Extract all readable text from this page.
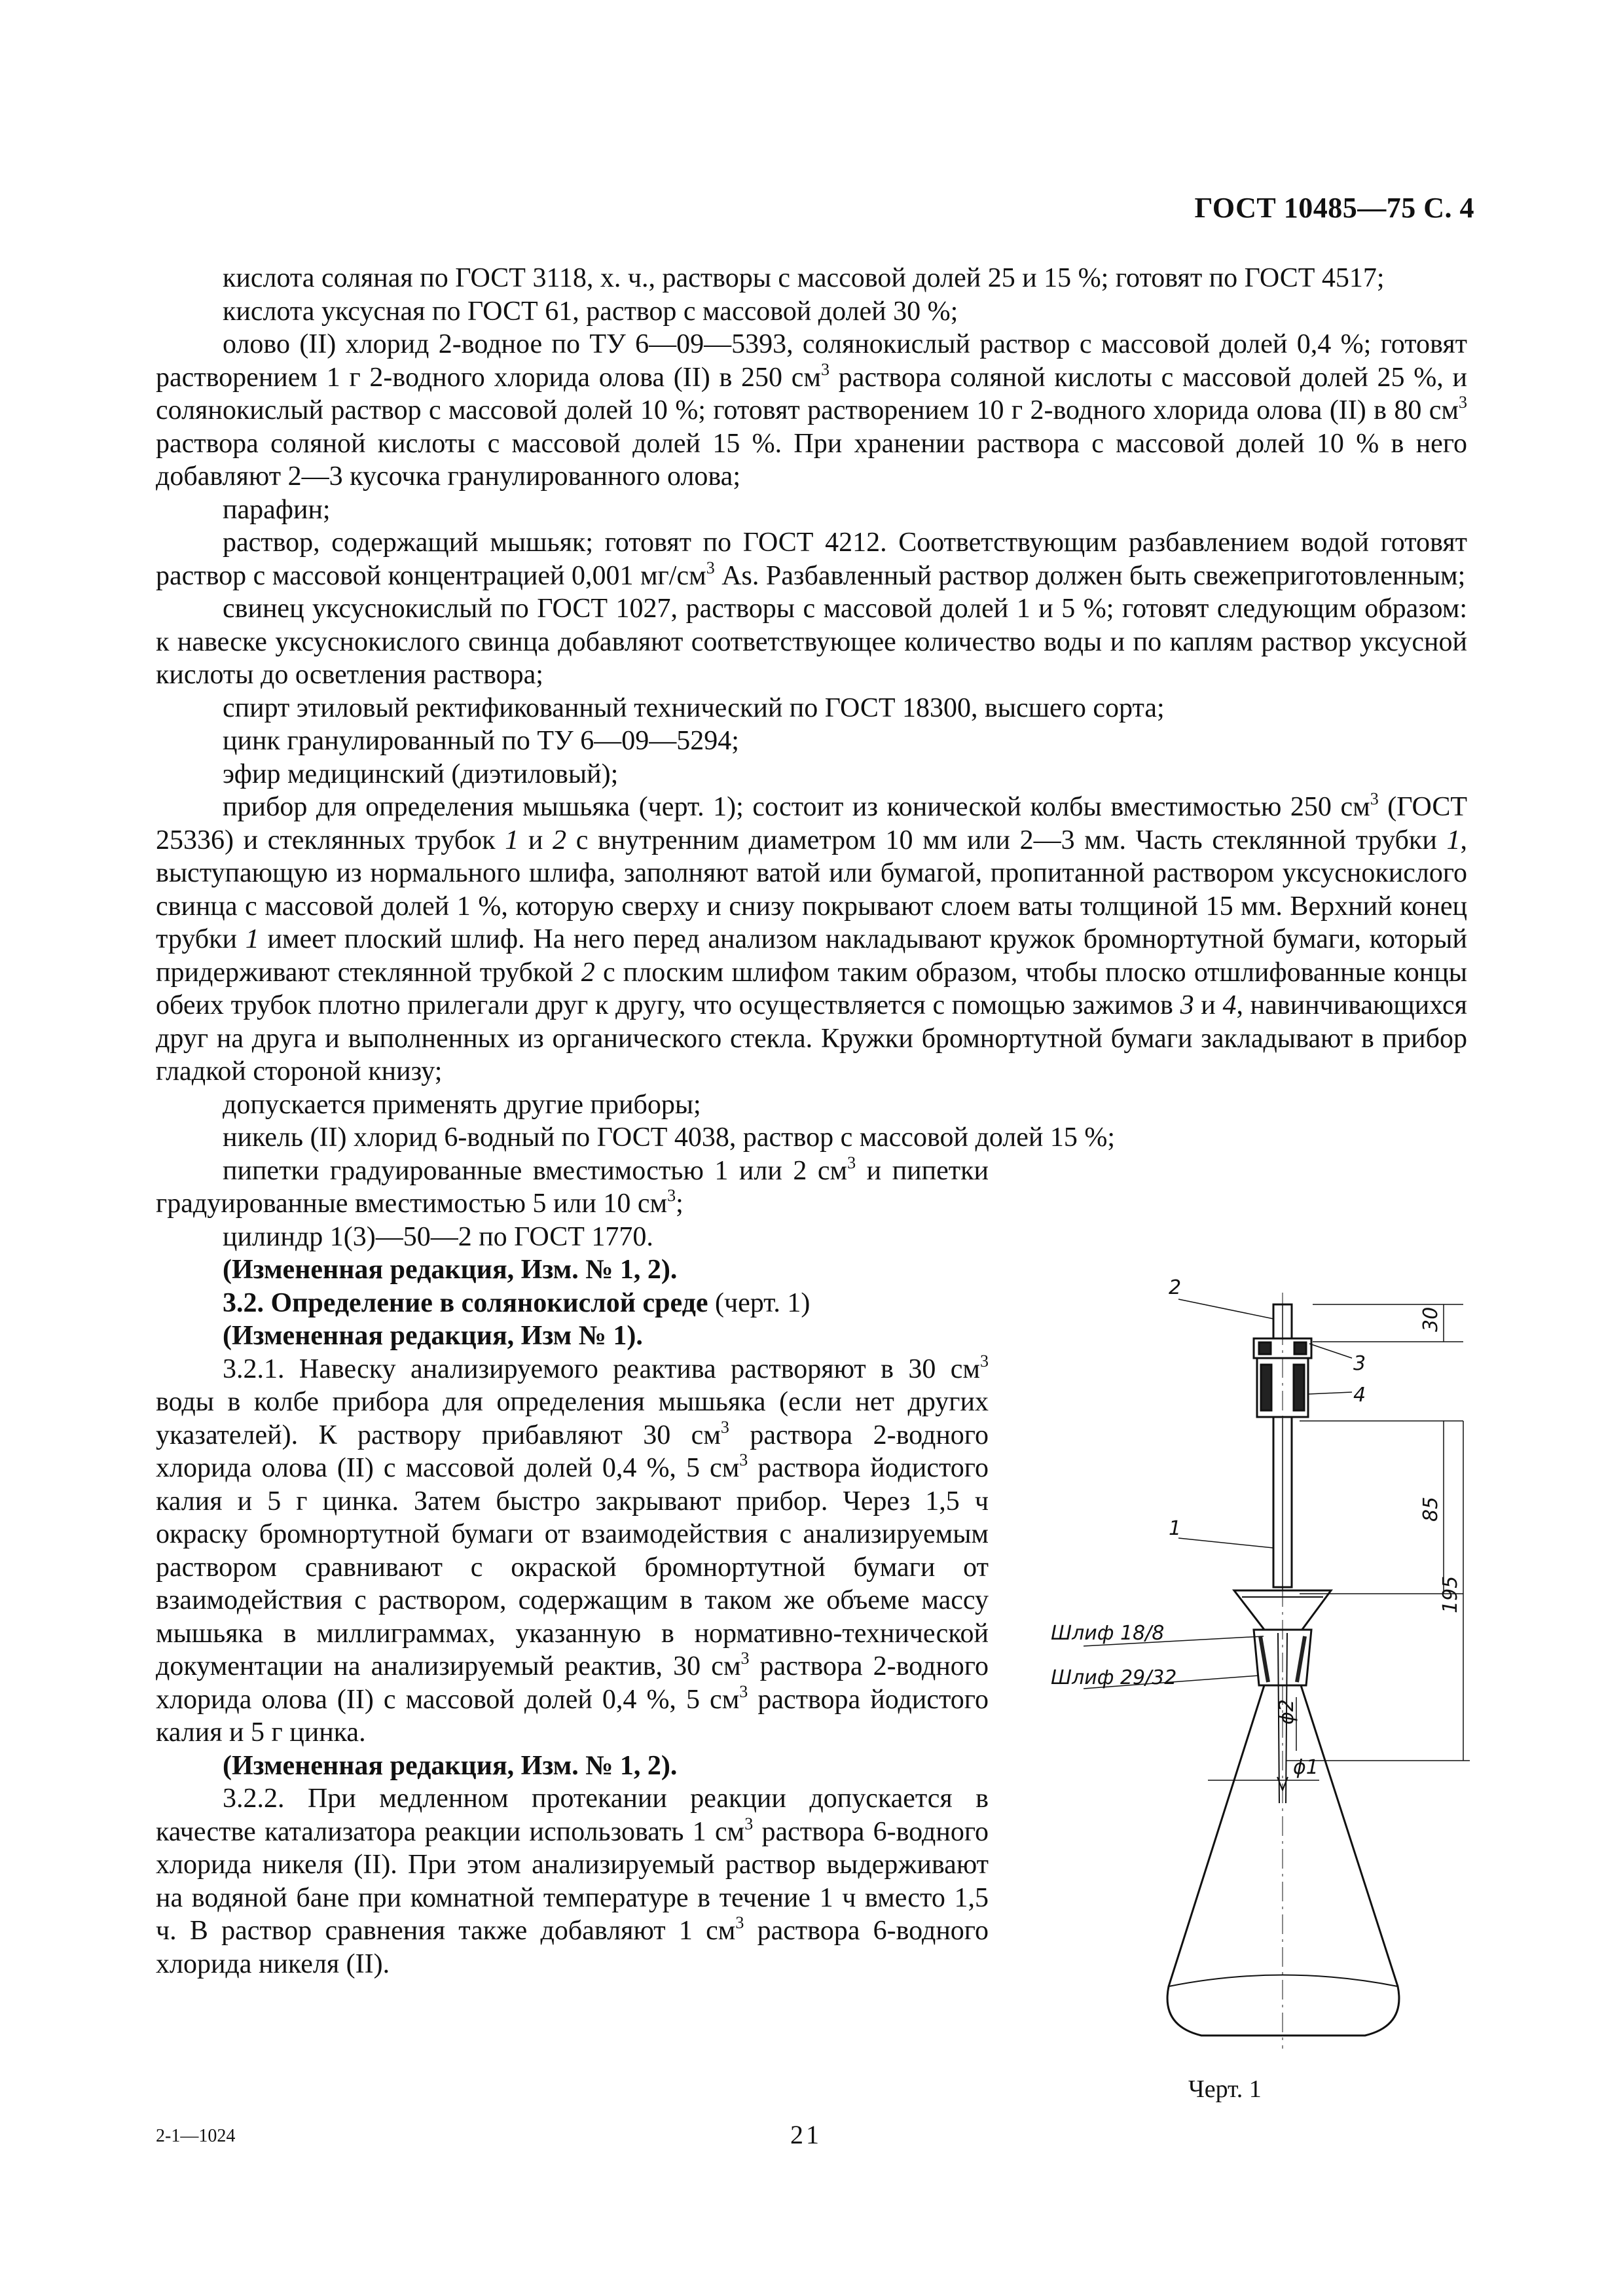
ГОСТ 10485—75 С. 4

кислота соляная по ГОСТ 3118, х. ч., растворы с массовой долей 25 и 15 %; готовят по ГОСТ 4517;

кислота уксусная по ГОСТ 61, раствор с массовой долей 30 %;

олово (II) хлорид 2-водное по ТУ 6—09—5393, солянокислый раствор с массовой долей 0,4 %; готовят растворением 1 г 2-водного хлорида олова (II) в 250 $см^3$ раствора соляной кислоты с массовой долей 25 %, и солянокислый раствор с массовой долей 10 %; готовят растворением 10 г 2-водного хлорида олова (II) в 80 $см^3$ раствора соляной кислоты с массовой долей 15 %. При хранении раствора с массовой долей 10 % в него добавляют 2—3 кусочка гранулированного олова;

парафин;

раствор, содержащий мышьяк; готовят по ГОСТ 4212. Соответствующим разбавлением водой готовят раствор с массовой концентрацией 0,001 $мг/см^3$ As. Разбавленный раствор должен быть свежеприготовленным;

свинец уксуснокислый по ГОСТ 1027, растворы с массовой долей 1 и 5 %; готовят следующим образом: к навеске уксуснокислого свинца добавляют соответствующее количество воды и по каплям раствор уксусной кислоты до осветления раствора;

спирт этиловый ректификованный технический по ГОСТ 18300, высшего сорта;

цинк гранулированный по ТУ 6—09—5294;

эфир медицинский (диэтиловый);

прибор для определения мышьяка (черт. 1); состоит из конической колбы вместимостью 250 $см^3$ (ГОСТ 25336) и стеклянных трубок 1 и 2 с внутренним диаметром 10 мм или 2—3 мм. Часть стеклянной трубки 1, выступающую из нормального шлифа, заполняют ватой или бумагой, пропитанной раствором уксуснокислого свинца с массовой долей 1 %, которую сверху и снизу покрывают слоем ваты толщиной 15 мм. Верхний конец трубки 1 имеет плоский шлиф. На него перед анализом накладывают кружок бромнортутной бумаги, который придерживают стеклянной трубкой 2 с плоским шлифом таким образом, чтобы плоско отшлифованные концы обеих трубок плотно прилегали друг к другу, что осуществляется с помощью зажимов 3 и 4, навинчивающихся друг на друга и выполненных из органического стекла. Кружки бромнортутной бумаги закладывают в прибор гладкой стороной книзу;

допускается применять другие приборы;

никель (II) хлорид 6-водный по ГОСТ 4038, раствор с массовой долей 15 %;

пипетки градуированные вместимостью 1 или 2 $см^3$ и пипетки градуированные вместимостью 5 или 10 $см^3$;

цилиндр 1(3)—50—2 по ГОСТ 1770.

(Измененная редакция, Изм. № 1, 2).

3.2. Определение в солянокислой среде (черт. 1)

(Измененная редакция, Изм № 1).

3.2.1. Навеску анализируемого реактива растворяют в 30 $см^3$ воды в колбе прибора для определения мышьяка (если нет других указателей). К раствору прибавляют 30 $см^3$ раствора 2-водного хлорида олова (II) с массовой долей 0,4 %, 5 $см^3$ раствора йодистого калия и 5 г цинка. Затем быстро закрывают прибор. Через 1,5 ч окраску бромнортутной бумаги от взаимодействия с анализируемым раствором сравнивают с окраской бромнортутной бумаги от взаимодействия с раствором, содержащим в таком же объеме массу мышьяка в миллиграммах, указанную в нормативно-технической документации на анализируемый реактив, 30 $см^3$ раствора 2-водного хлорида олова (II) с массовой долей 0,4 %, 5 $см^3$ раствора йодистого калия и 5 г цинка.

(Измененная редакция, Изм. № 1, 2).

3.2.2. При медленном протекании реакции допускается в качестве катализатора реакции использовать 1 $см^3$ раствора 6-водного хлорида никеля (II). При этом анализируемый раствор выдерживают на водяной бане при комнатной температуре в течение 1 ч вместо 1,5 ч. В раствор сравнения также добавляют 1 $см^3$ раствора 6-водного хлорида никеля (II).

2
3
4
1
Шлиф 18/8
Шлиф 29/32
30
85
195
ϕ2
ϕ1
Черт. 1
2-1—1024	21
